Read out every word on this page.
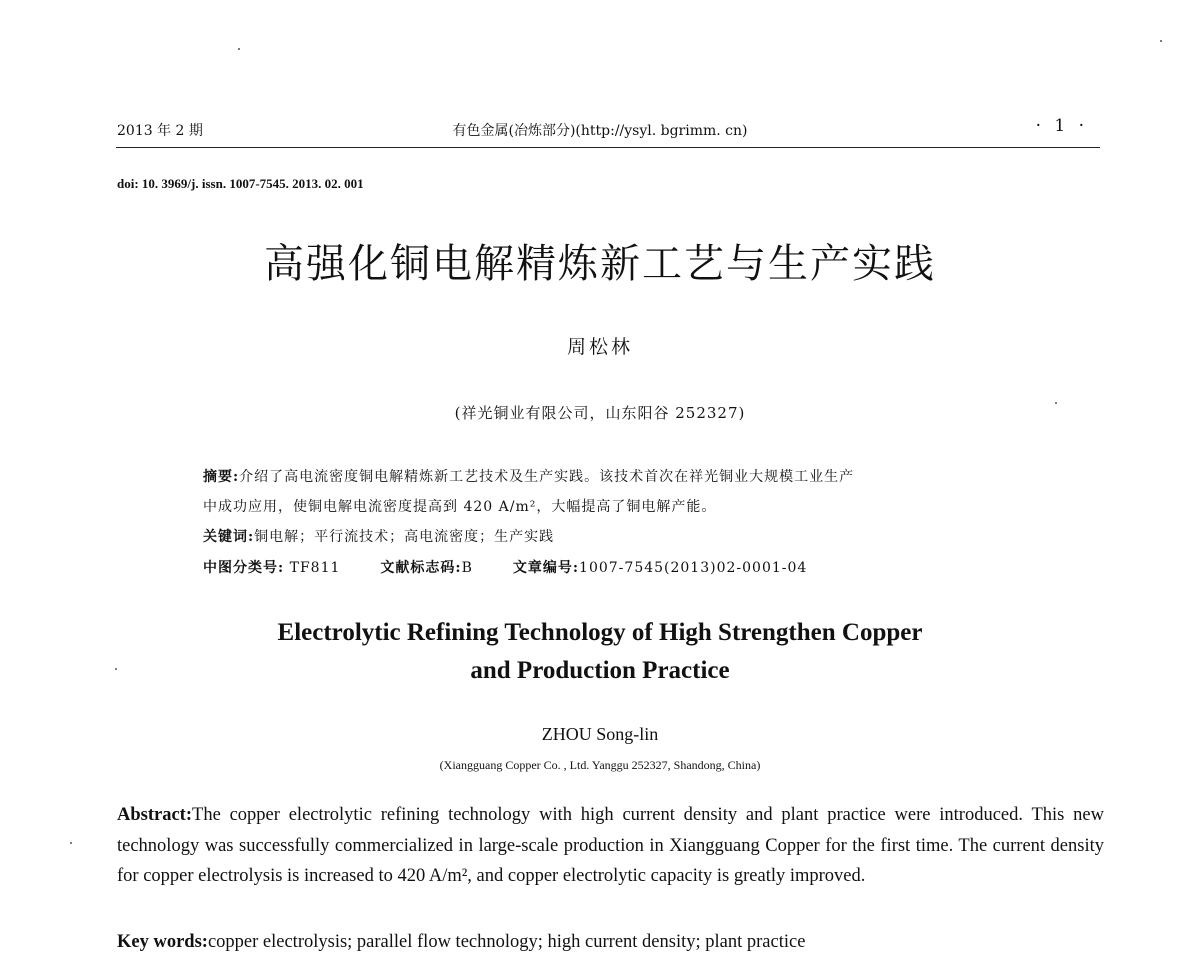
2013 年 2 期	有色金属(冶炼部分)(http://ysyl. bgrimm. cn)	· 1 ·
doi: 10. 3969/j. issn. 1007-7545. 2013. 02. 001
高强化铜电解精炼新工艺与生产实践
周松林
(祥光铜业有限公司，山东阳谷 252327)
摘要:介绍了高电流密度铜电解精炼新工艺技术及生产实践。该技术首次在祥光铜业大规模工业生产
中成功应用，使铜电解电流密度提高到 420 A/m²，大幅提高了铜电解产能。
关键词:铜电解；平行流技术；高电流密度；生产实践
中图分类号: TF811	文献标志码:B	文章编号:1007-7545(2013)02-0001-04
Electrolytic Refining Technology of High Strengthen Copper
and Production Practice
ZHOU Song-lin
(Xiangguang Copper Co. , Ltd. Yanggu 252327, Shandong, China)
Abstract:The copper electrolytic refining technology with high current density and plant practice were introduced. This new technology was successfully commercialized in large-scale production in Xiangguang Copper for the first time. The current density for copper electrolysis is increased to 420 A/m², and copper electrolytic capacity is greatly improved.
Key words:copper electrolysis; parallel flow technology; high current density; plant practice
